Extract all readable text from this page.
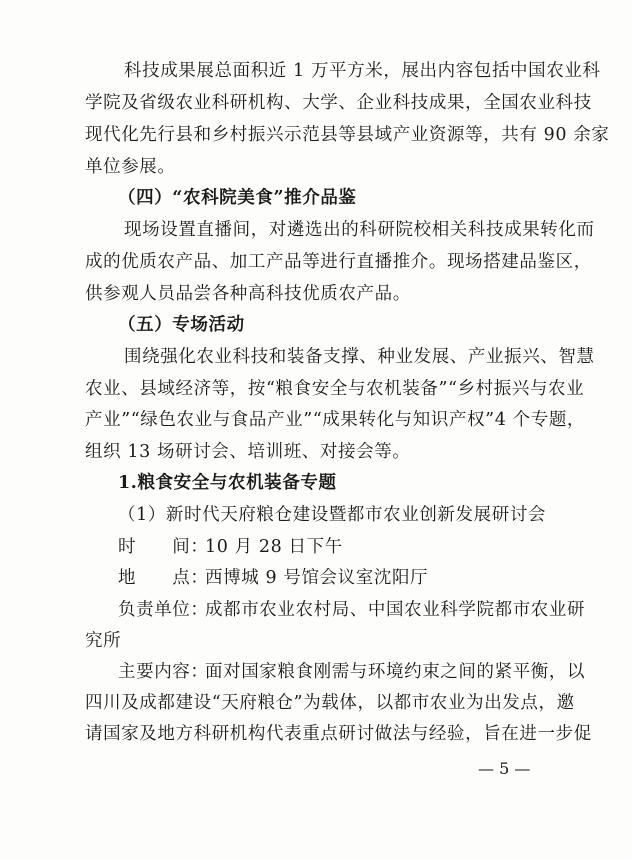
科技成果展总面积近 1 万平方米，展出内容包括中国农业科
学院及省级农业科研机构、大学、企业科技成果，全国农业科技
现代化先行县和乡村振兴示范县等县域产业资源等，共有 90 余家
单位参展。
（四）“农科院美食”推介品鉴
现场设置直播间，对遴选出的科研院校相关科技成果转化而
成的优质农产品、加工产品等进行直播推介。现场搭建品鉴区，
供参观人员品尝各种高科技优质农产品。
（五）专场活动
围绕强化农业科技和装备支撑、种业发展、产业振兴、智慧
农业、县域经济等，按“粮食安全与农机装备”“乡村振兴与农业
产业”“绿色农业与食品产业”“成果转化与知识产权”4 个专题，
组织 13 场研讨会、培训班、对接会等。
1.粮食安全与农机装备专题
（1）新时代天府粮仓建设暨都市农业创新发展研讨会
时　　间：
10 月 28 日下午
地　　点：
西博城 9 号馆会议室沈阳厅
负责单位：
成都市农业农村局、中国农业科学院都市农业研
究所
主要内容：
面对国家粮食刚需与环境约束之间的紧平衡，以
四川及成都建设“天府粮仓”为载体，以都市农业为出发点，邀
请国家及地方科研机构代表重点研讨做法与经验，旨在进一步促
— 5 —
